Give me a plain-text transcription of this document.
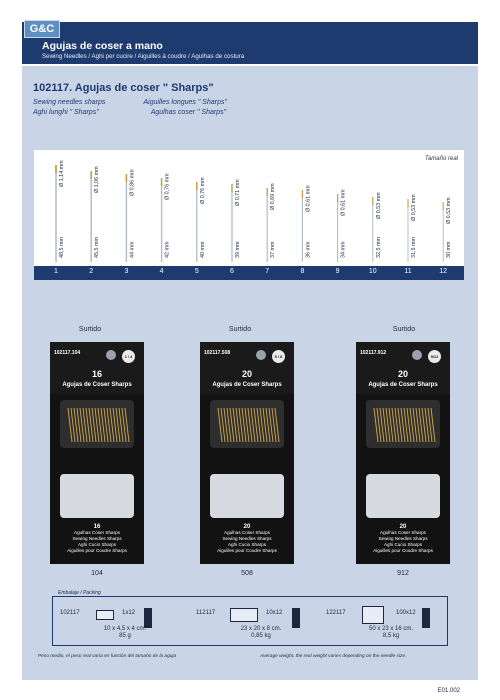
G&C
Agujas de coser a mano
Sewing Needles / Aghi per cucire / Aiguilles à coudre / Agulhas de costura
102117. Agujas de coser " Sharps"
Sewing needles sharps	Aiguilles longues " Sharps"
Aghi lunghi " Sharps"	Agulhas coser " Sharps"
Tamaño real
Ø 1,14 mm
48,5 mm
Ø 1,06 mm
45,5 mm
Ø 0,86 mm
44 mm
Ø 0,76 mm
42 mm
Ø 0,76 mm
40 mm
Ø 0,71 mm
39 mm
Ø 0,69 mm
37 mm
Ø 0,61 mm
36 mm
Ø 0,61 mm
34 mm
Ø 0,53 mm
32,5 mm
Ø 0,53 mm
31,5 mm
Ø 0,53 mm
30 mm
1	2	3	4	5	6	7	8	9	10	11	12
Surtido	Surtido	Surtido
102117.104
1 / 4
16
Agujas de Coser Sharps
16
Agulhas Coser Sharps
Sewing Needles Sharps
Aghi Cucio Sharps
Aiguilles pour Coudre Sharps
102117.508
5 / 8
20
Agujas de Coser Sharps
20
Agulhas Coser Sharps
Sewing Needles Sharps
Aghi Cucio Sharps
Aiguilles pour Coudre Sharps
102117.912
9/12
20
Agujas de Coser Sharps
20
Agulhas Coser Sharps
Sewing Needles Sharps
Aghi Cucio Sharps
Aiguilles pour Coudre Sharps
104	508	912
Embalaje / Packing
102117	1x12
10 x 4,5 x 4 cm.
85 g
112117	10x12
23 x 20 x 8 cm.
0,85 kg
122117	100x12
50 x 23 x 16 cm.
8,5 kg
Peso medio, el peso real varía en función del tamaño de la aguja	Average weight, the real weight varies depending on the needle size.
E01.002
